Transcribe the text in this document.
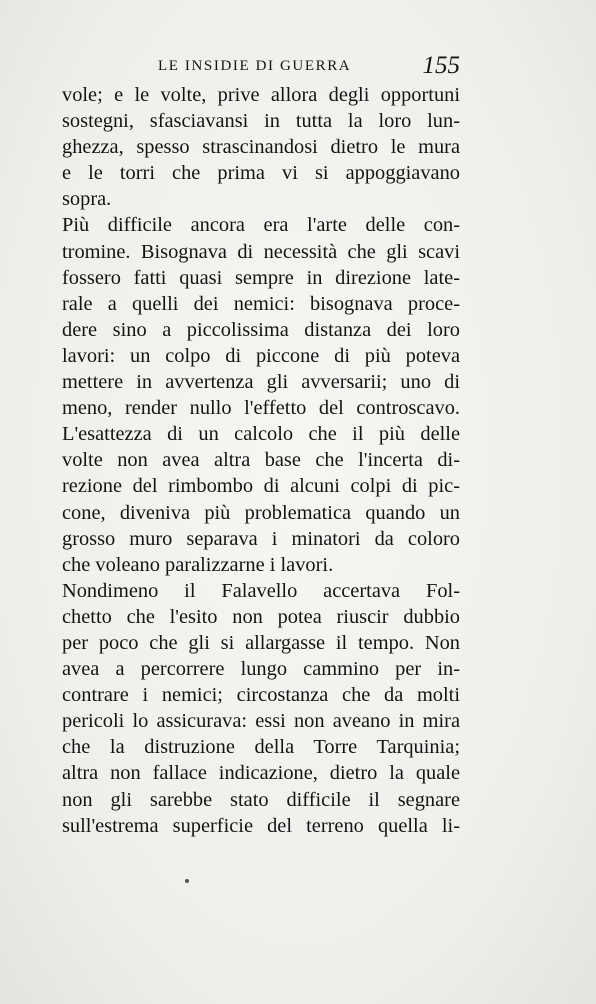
LE INSIDIE DI GUERRA	155
vole; e le volte, prive allora degli opportuni
sostegni, sfasciavansi in tutta la loro lun-
ghezza, spesso strascinandosi dietro le mura
e le torri che prima vi si appoggiavano
sopra.
Più difficile ancora era l'arte delle con-
tromine. Bisognava di necessità che gli scavi
fossero fatti quasi sempre in direzione late-
rale a quelli dei nemici: bisognava proce-
dere sino a piccolissima distanza dei loro
lavori: un colpo di piccone di più poteva
mettere in avvertenza gli avversarii; uno di
meno, render nullo l'effetto del controscavo.
L'esattezza di un calcolo che il più delle
volte non avea altra base che l'incerta di-
rezione del rimbombo di alcuni colpi di pic-
cone, diveniva più problematica quando un
grosso muro separava i minatori da coloro
che voleano paralizzarne i lavori.
Nondimeno il Falavello accertava Fol-
chetto che l'esito non potea riuscir dubbio
per poco che gli si allargasse il tempo. Non
avea a percorrere lungo cammino per in-
contrare i nemici; circostanza che da molti
pericoli lo assicurava: essi non aveano in mira
che la distruzione della Torre Tarquinia;
altra non fallace indicazione, dietro la quale
non gli sarebbe stato difficile il segnare
sull'estrema superficie del terreno quella li-
